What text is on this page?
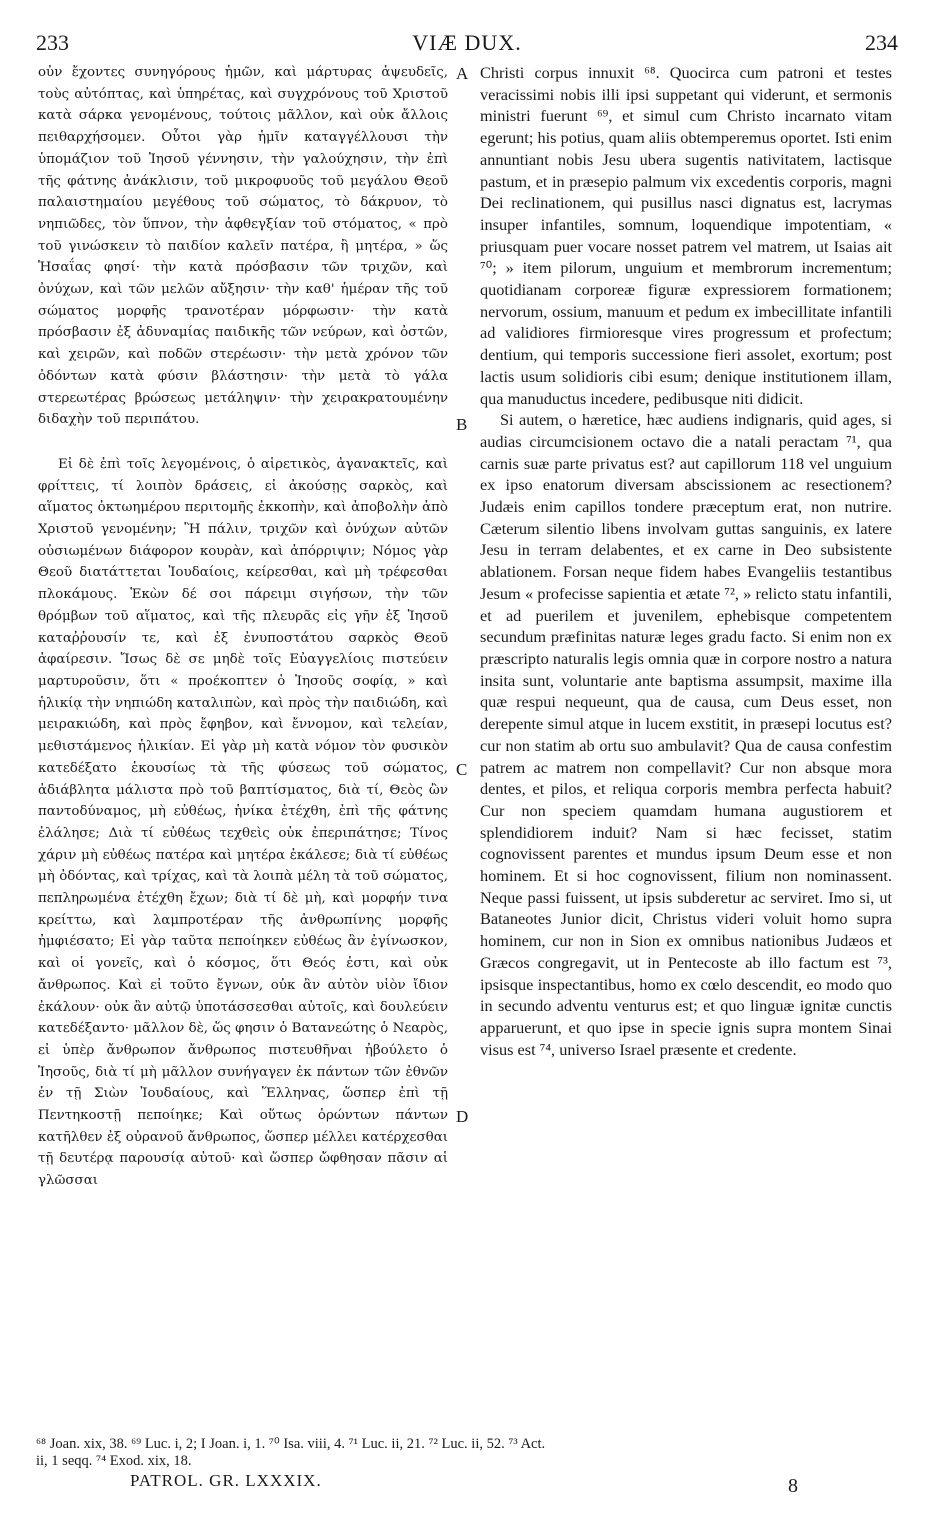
233	VIÆ DUX.	234

οὐν ἔχοντες συνηγόρους ἡμῶν, καὶ μάρτυρας ἀψευδεῖς, τοὺς αὐτόπτας, καὶ ὑπηρέτας, καὶ συγχρόνους τοῦ Χριστοῦ κατὰ σάρκα γενομένους, τούτοις μᾶλλον, καὶ οὐκ ἄλλοις πειθαρχήσομεν. Οὗτοι γὰρ ἡμῖν καταγγέλλουσι τὴν ὑπομάζιον τοῦ Ἰησοῦ γέννησιν, τὴν γαλούχησιν, τὴν ἐπὶ τῆς φάτνης ἀνάκλισιν, τοῦ μικροφυοῦς τοῦ μεγάλου Θεοῦ παλαιστημαίου μεγέθους τοῦ σώματος, τὸ δάκρυον, τὸ νηπιῶδες, τὸν ὕπνον, τὴν ἀφθεγξίαν τοῦ στόματος, « πρὸ τοῦ γινώσκειν τὸ παιδίον καλεῖν πατέρα, ἢ μητέρα, » ὥς Ἡσαΐας φησί· τὴν κατὰ πρόσβασιν τῶν τριχῶν, καὶ ὀνύχων, καὶ τῶν μελῶν αὔξησιν· τὴν καθ' ἡμέραν τῆς τοῦ σώματος μορφῆς τρανοτέραν μόρφωσιν· τὴν κατὰ πρόσβασιν ἐξ ἀδυναμίας παιδικῆς τῶν νεύρων, καὶ ὀστῶν, καὶ χειρῶν, καὶ ποδῶν στερέωσιν· τὴν μετὰ χρόνον τῶν ὀδόντων κατὰ φύσιν βλάστησιν· τὴν μετὰ τὸ γάλα στερεωτέρας βρώσεως μετάληψιν· τὴν χειρακρατουμένην διδαχὴν τοῦ περιπάτου.

Εἰ δὲ ἐπὶ τοῖς λεγομένοις, ὁ αἱρετικὸς, ἀγανακτεῖς, καὶ φρίττεις, τί λοιπὸν δράσεις, εἰ ἀκούσῃς σαρκὸς, καὶ αἵματος ὀκτωημέρου περιτομῆς ἐκκοπὴν, καὶ ἀποβολὴν ἀπὸ Χριστοῦ γενομένην; Ἢ πάλιν, τριχῶν καὶ ὀνύχων αὐτῶν οὐσιωμένων διάφορον κουρὰν, καὶ ἀπόρριψιν; Νόμος γὰρ Θεοῦ διατάττεται Ἰουδαίοις, κείρεσθαι, καὶ μὴ τρέφεσθαι πλοκάμους. Ἑκὼν δέ σοι πάρειμι σιγήσων, τὴν τῶν θρόμβων τοῦ αἵματος, καὶ τῆς πλευρᾶς εἰς γῆν ἐξ Ἰησοῦ καταῤῥουσίν τε, καὶ ἐξ ἐνυποστάτου σαρκὸς Θεοῦ ἀφαίρεσιν. Ἴσως δὲ σε μηδὲ τοῖς Εὐαγγελίοις πιστεύειν μαρτυροῦσιν, ὅτι « προέκοπτεν ὁ Ἰησοῦς σοφίᾳ, » καὶ ἡλικίᾳ τὴν νηπιώδη καταλιπὼν, καὶ πρὸς τὴν παιδιώδη, καὶ μειρακιώδη, καὶ πρὸς ἔφηβον, καὶ ἔννομον, καὶ τελείαν, μεθιστάμενος ἡλικίαν. Εἰ γὰρ μὴ κατὰ νόμον τὸν φυσικὸν κατεδέξατο ἑκουσίως τὰ τῆς φύσεως τοῦ σώματος, ἀδιάβλητα μάλιστα πρὸ τοῦ βαπτίσματος, διὰ τί, Θεὸς ὢν παντοδύναμος, μὴ εὐθέως, ἡνίκα ἐτέχθη, ἐπὶ τῆς φάτνης ἐλάλησε; Διὰ τί εὐθέως τεχθεὶς οὐκ ἐπεριπάτησε; Τίνος χάριν μὴ εὐθέως πατέρα καὶ μητέρα ἐκάλεσε; διὰ τί εὐθέως μὴ ὀδόντας, καὶ τρίχας, καὶ τὰ λοιπὰ μέλη τὰ τοῦ σώματος, πεπληρωμένα ἐτέχθη ἔχων; διὰ τί δὲ μὴ, καὶ μορφήν τινα κρείττω, καὶ λαμπροτέραν τῆς ἀνθρωπίνης μορφῆς ἠμφιέσατο; Εἰ γὰρ ταῦτα πεποίηκεν εὐθέως ἂν ἐγίνωσκον, καὶ οἱ γονεῖς, καὶ ὁ κόσμος, ὅτι Θεός ἐστι, καὶ οὐκ ἄνθρωπος. Καὶ εἰ τοῦτο ἔγνων, οὐκ ἂν αὐτὸν υἱὸν ἴδιον ἐκάλουν· οὐκ ἂν αὐτῷ ὑποτάσσεσθαι αὐτοῖς, καὶ δουλεύειν κατεδέξαντο· μᾶλλον δὲ, ὥς φησιν ὁ Βατανεώτης ὁ Νεαρὸς, εἰ ὑπὲρ ἄνθρωπον ἄνθρωπος πιστευθῆναι ἠβούλετο ὁ Ἰησοῦς, διὰ τί μὴ μᾶλλον συνήγαγεν ἐκ πάντων τῶν ἐθνῶν ἐν τῇ Σιὼν Ἰουδαίους, καὶ Ἕλληνας, ὥσπερ ἐπὶ τῇ Πεντηκοστῇ πεποίηκε; Καὶ οὕτως ὁρώντων πάντων κατῆλθεν ἐξ οὐρανοῦ ἄνθρωπος, ὥσπερ μέλλει κατέρχεσθαι τῇ δευτέρᾳ παρουσίᾳ αὐτοῦ· καὶ ὥσπερ ὤφθησαν πᾶσιν αἱ γλῶσσαι

A
B
C
D

Christi corpus innuxit ⁶⁸. Quocirca cum patroni et testes veracissimi nobis illi ipsi suppetant qui viderunt, et sermonis ministri fuerunt ⁶⁹, et simul cum Christo incarnato vitam egerunt; his potius, quam aliis obtemperemus oportet. Isti enim annuntiant nobis Jesu ubera sugentis nativitatem, lactisque pastum, et in præsepio palmum vix excedentis corporis, magni Dei reclinationem, qui pusillus nasci dignatus est, lacrymas insuper infantiles, somnum, loquendique impotentiam, « priusquam puer vocare nosset patrem vel matrem, ut Isaias ait ⁷⁰; » item pilorum, unguium et membrorum incrementum; quotidianam corporeæ figuræ expressiorem formationem; nervorum, ossium, manuum et pedum ex imbecillitate infantili ad validiores firmioresque vires progressum et profectum; dentium, qui temporis successione fieri assolet, exortum; post lactis usum solidioris cibi esum; denique institutionem illam, qua manuductus incedere, pedibusque niti didicit.

Si autem, o hæretice, hæc audiens indignaris, quid ages, si audias circumcisionem octavo die a natali peractam ⁷¹, qua carnis suæ parte privatus est? aut capillorum 118 vel unguium ex ipso enatorum diversam abscissionem ac resectionem? Judæis enim capillos tondere præceptum erat, non nutrire. Cæterum silentio libens involvam guttas sanguinis, ex latere Jesu in terram delabentes, et ex carne in Deo subsistente ablationem. Forsan neque fidem habes Evangeliis testantibus Jesum « profecisse sapientia et ætate ⁷², » relicto statu infantili, et ad puerilem et juvenilem, ephebisque competentem secundum præfinitas naturæ leges gradu facto. Si enim non ex præscripto naturalis legis omnia quæ in corpore nostro a natura insita sunt, voluntarie ante baptisma assumpsit, maxime illa quæ respui nequeunt, qua de causa, cum Deus esset, non derepente simul atque in lucem exstitit, in præsepi locutus est? cur non statim ab ortu suo ambulavit? Qua de causa confestim patrem ac matrem non compellavit? Cur non absque mora dentes, et pilos, et reliqua corporis membra perfecta habuit? Cur non speciem quamdam humana augustiorem et splendidiorem induit? Nam si hæc fecisset, statim cognovissent parentes et mundus ipsum Deum esse et non hominem. Et si hoc cognovissent, filium non nominassent. Neque passi fuissent, ut ipsis subderetur ac serviret. Imo si, ut Bataneotes Junior dicit, Christus videri voluit homo supra hominem, cur non in Sion ex omnibus nationibus Judæos et Græcos congregavit, ut in Pentecoste ab illo factum est ⁷³, ipsisque inspectantibus, homo ex cœlo descendit, eo modo quo in secundo adventu venturus est; et quo linguæ ignitæ cunctis apparuerunt, et quo ipse in specie ignis supra montem Sinai visus est ⁷⁴, universo Israel præsente et credente.

⁶⁸ Joan. xix, 38. ⁶⁹ Luc. i, 2; I Joan. i, 1. ⁷⁰ Isa. viii, 4. ⁷¹ Luc. ii, 21. ⁷² Luc. ii, 52. ⁷³ Act.
ii, 1 seqq. ⁷⁴ Exod. xix, 18.
PATROL. GR. LXXXIX.	8
